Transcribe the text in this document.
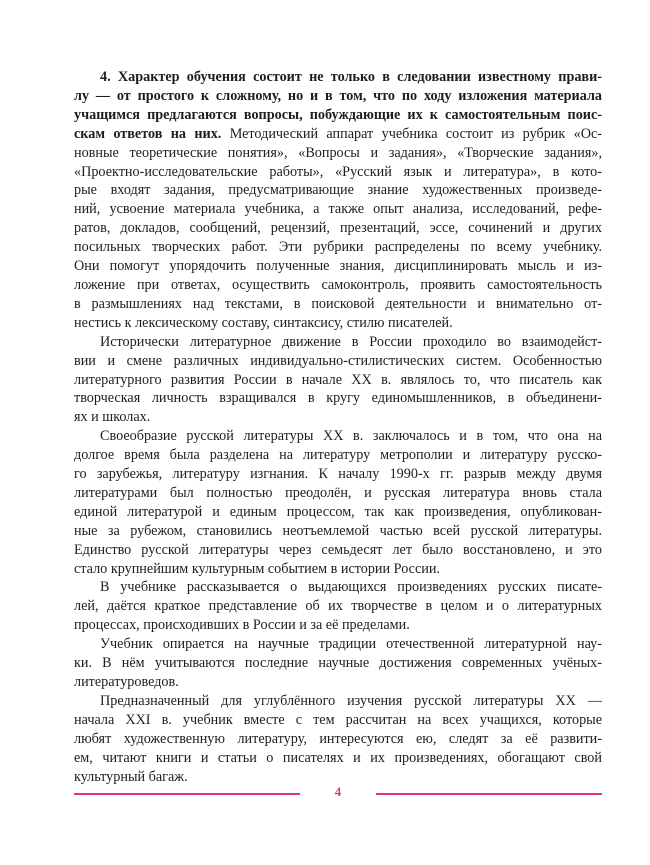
4. Характер обучения состоит не только в следовании известному прави-
лу — от простого к сложному, но и в том, что по ходу изложения материала
учащимся предлагаются вопросы, побуждающие их к самостоятельным поис-
скам ответов на них. Методический аппарат учебника состоит из рубрик «Ос-
новные теоретические понятия», «Вопросы и задания», «Творческие задания»,
«Проектно-исследовательские работы», «Русский язык и литература», в кото-
рые входят задания, предусматривающие знание художественных произведе-
ний, усвоение материала учебника, а также опыт анализа, исследований, рефе-
ратов, докладов, сообщений, рецензий, презентаций, эссе, сочинений и других
посильных творческих работ. Эти рубрики распределены по всему учебнику.
Они помогут упорядочить полученные знания, дисциплинировать мысль и из-
ложение при ответах, осуществить самоконтроль, проявить самостоятельность
в размышлениях над текстами, в поисковой деятельности и внимательно от-
нестись к лексическому составу, синтаксису, стилю писателей.
Исторически литературное движение в России проходило во взаимодейст-
вии и смене различных индивидуально-стилистических систем. Особенностью
литературного развития России в начале XX в. являлось то, что писатель как
творческая личность взращивался в кругу единомышленников, в объединени-
ях и школах.
Своеобразие русской литературы XX в. заключалось и в том, что она на
долгое время была разделена на литературу метрополии и литературу русско-
го зарубежья, литературу изгнания. К началу 1990-х гг. разрыв между двумя
литературами был полностью преодолён, и русская литература вновь стала
единой литературой и единым процессом, так как произведения, опубликован-
ные за рубежом, становились неотъемлемой частью всей русской литературы.
Единство русской литературы через семьдесят лет было восстановлено, и это
стало крупнейшим культурным событием в истории России.
В учебнике рассказывается о выдающихся произведениях русских писате-
лей, даётся краткое представление об их творчестве в целом и о литературных
процессах, происходивших в России и за её пределами.
Учебник опирается на научные традиции отечественной литературной нау-
ки. В нём учитываются последние научные достижения современных учёных-
литературоведов.
Предназначенный для углублённого изучения русской литературы XX —
начала XXI в. учебник вместе с тем рассчитан на всех учащихся, которые
любят художественную литературу, интересуются ею, следят за её развити-
ем, читают книги и статьи о писателях и их произведениях, обогащают свой
культурный багаж.
4
